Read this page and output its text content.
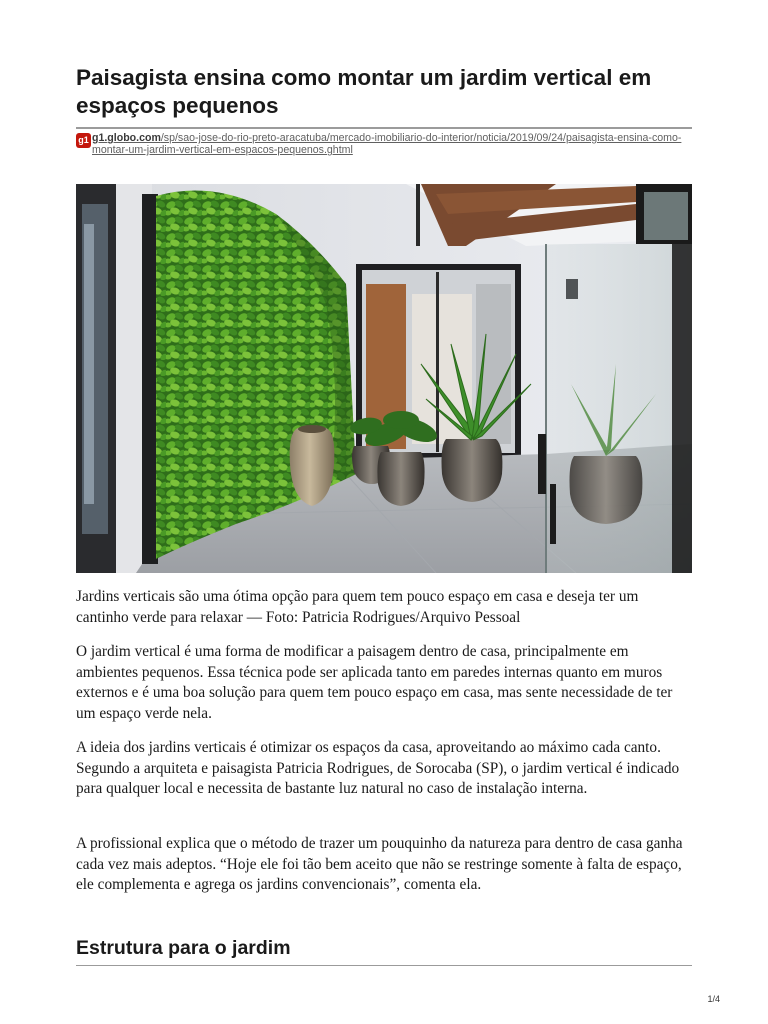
Paisagista ensina como montar um jardim vertical em espaços pequenos
g1 g1.globo.com/sp/sao-jose-do-rio-preto-aracatuba/mercado-imobiliario-do-interior/noticia/2019/09/24/paisagista-ensina-como-montar-um-jardim-vertical-em-espacos-pequenos.ghtml

Jardins verticais são uma ótima opção para quem tem pouco espaço em casa e deseja ter um cantinho verde para relaxar — Foto: Patricia Rodrigues/Arquivo Pessoal

O jardim vertical é uma forma de modificar a paisagem dentro de casa, principalmente em ambientes pequenos. Essa técnica pode ser aplicada tanto em paredes internas quanto em muros externos e é uma boa solução para quem tem pouco espaço em casa, mas sente necessidade de ter um espaço verde nela.

A ideia dos jardins verticais é otimizar os espaços da casa, aproveitando ao máximo cada canto. Segundo a arquiteta e paisagista Patricia Rodrigues, de Sorocaba (SP), o jardim vertical é indicado para qualquer local e necessita de bastante luz natural no caso de instalação interna.

A profissional explica que o método de trazer um pouquinho da natureza para dentro de casa ganha cada vez mais adeptos. “Hoje ele foi tão bem aceito que não se restringe somente à falta de espaço, ele complementa e agrega os jardins convencionais”, comenta ela.

Estrutura para o jardim
1/4
